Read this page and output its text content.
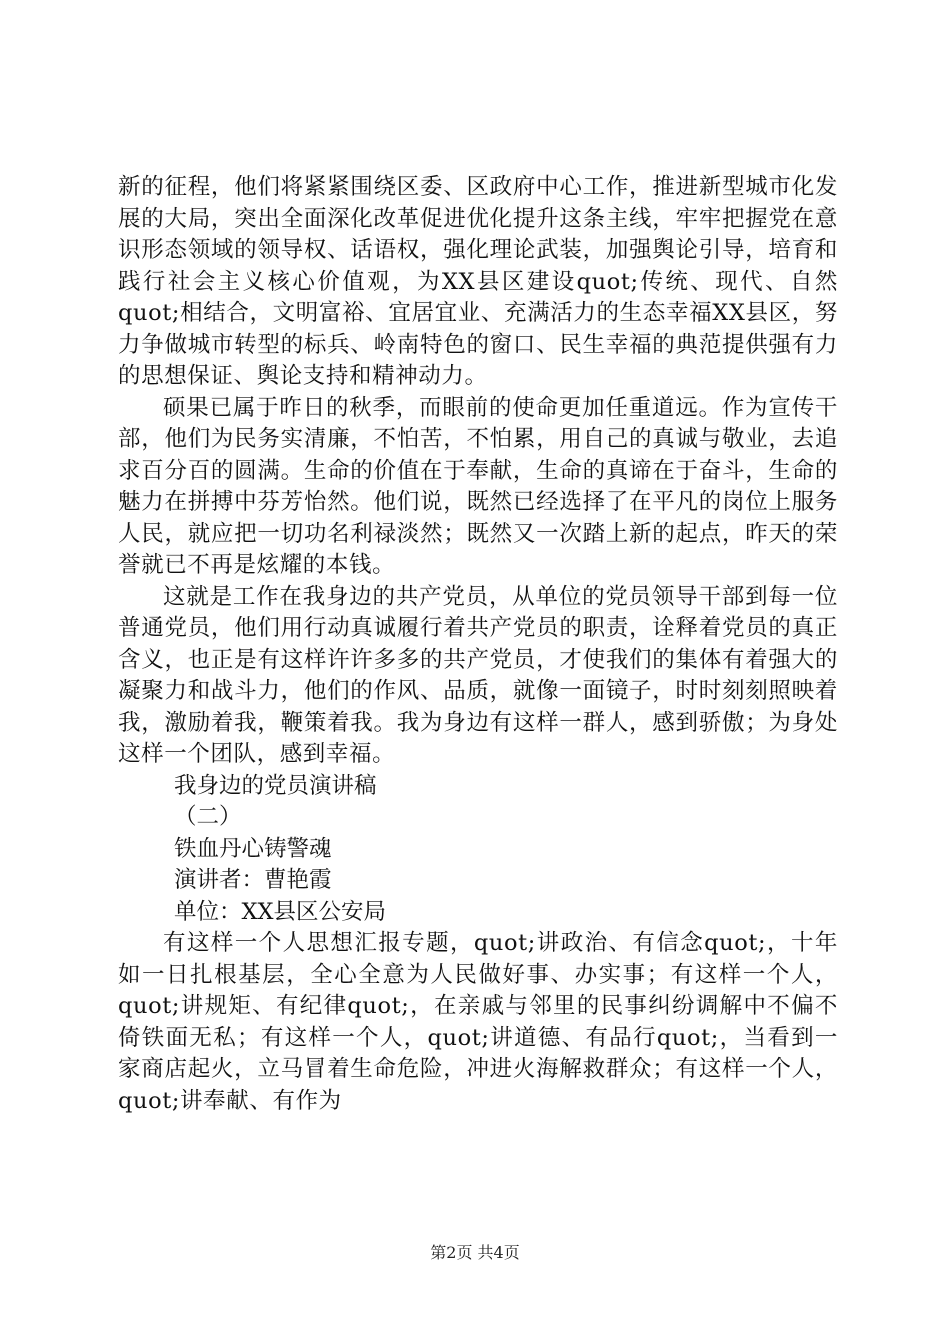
新的征程，他们将紧紧围绕区委、区政府中心工作，推进新型城市化发展的大局，突出全面深化改革促进优化提升这条主线，牢牢把握党在意识形态领域的领导权、话语权，强化理论武装，加强舆论引导，培育和践行社会主义核心价值观，为XX县区建设quot;传统、现代、自然quot;相结合，文明富裕、宜居宜业、充满活力的生态幸福XX县区，努力争做城市转型的标兵、岭南特色的窗口、民生幸福的典范提供强有力的思想保证、舆论支持和精神动力。

硕果已属于昨日的秋季，而眼前的使命更加任重道远。作为宣传干部，他们为民务实清廉，不怕苦，不怕累，用自己的真诚与敬业，去追求百分百的圆满。生命的价值在于奉献，生命的真谛在于奋斗，生命的魅力在拼搏中芬芳怡然。他们说，既然已经选择了在平凡的岗位上服务人民，就应把一切功名利禄淡然；既然又一次踏上新的起点，昨天的荣誉就已不再是炫耀的本钱。

这就是工作在我身边的共产党员，从单位的党员领导干部到每一位普通党员，他们用行动真诚履行着共产党员的职责，诠释着党员的真正含义，也正是有这样许许多多的共产党员，才使我们的集体有着强大的凝聚力和战斗力，他们的作风、品质，就像一面镜子，时时刻刻照映着我，激励着我，鞭策着我。我为身边有这样一群人，感到骄傲；为身处这样一个团队，感到幸福。

我身边的党员演讲稿

（二）

铁血丹心铸警魂

演讲者：曹艳霞

单位：XX县区公安局

有这样一个人思想汇报专题，quot;讲政治、有信念quot;，十年如一日扎根基层，全心全意为人民做好事、办实事；有这样一个人，quot;讲规矩、有纪律quot;，在亲戚与邻里的民事纠纷调解中不偏不倚铁面无私；有这样一个人，quot;讲道德、有品行quot;，当看到一家商店起火，立马冒着生命危险，冲进火海解救群众；有这样一个人，quot;讲奉献、有作为

第2页 共4页
